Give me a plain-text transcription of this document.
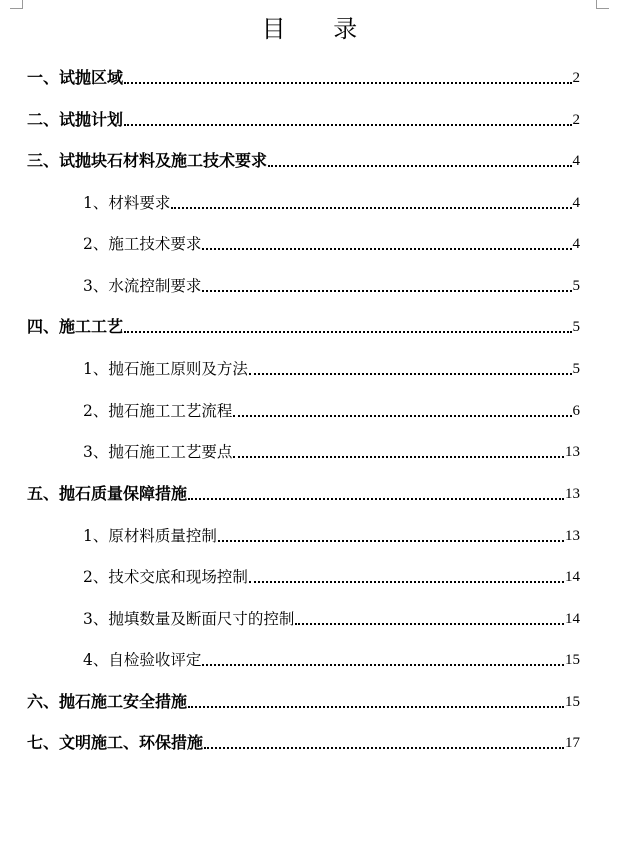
目 录
一、试抛区域	2
二、试抛计划	2
三、试抛块石材料及施工技术要求	4
1、材料要求	4
2、施工技术要求	4
3、水流控制要求	5
四、施工工艺	5
1、抛石施工原则及方法	5
2、抛石施工工艺流程	6
3、抛石施工工艺要点	13
五、抛石质量保障措施	13
1、原材料质量控制	13
2、技术交底和现场控制	14
3、抛填数量及断面尺寸的控制	14
4、自检验收评定	15
六、抛石施工安全措施	15
七、文明施工、环保措施	17
